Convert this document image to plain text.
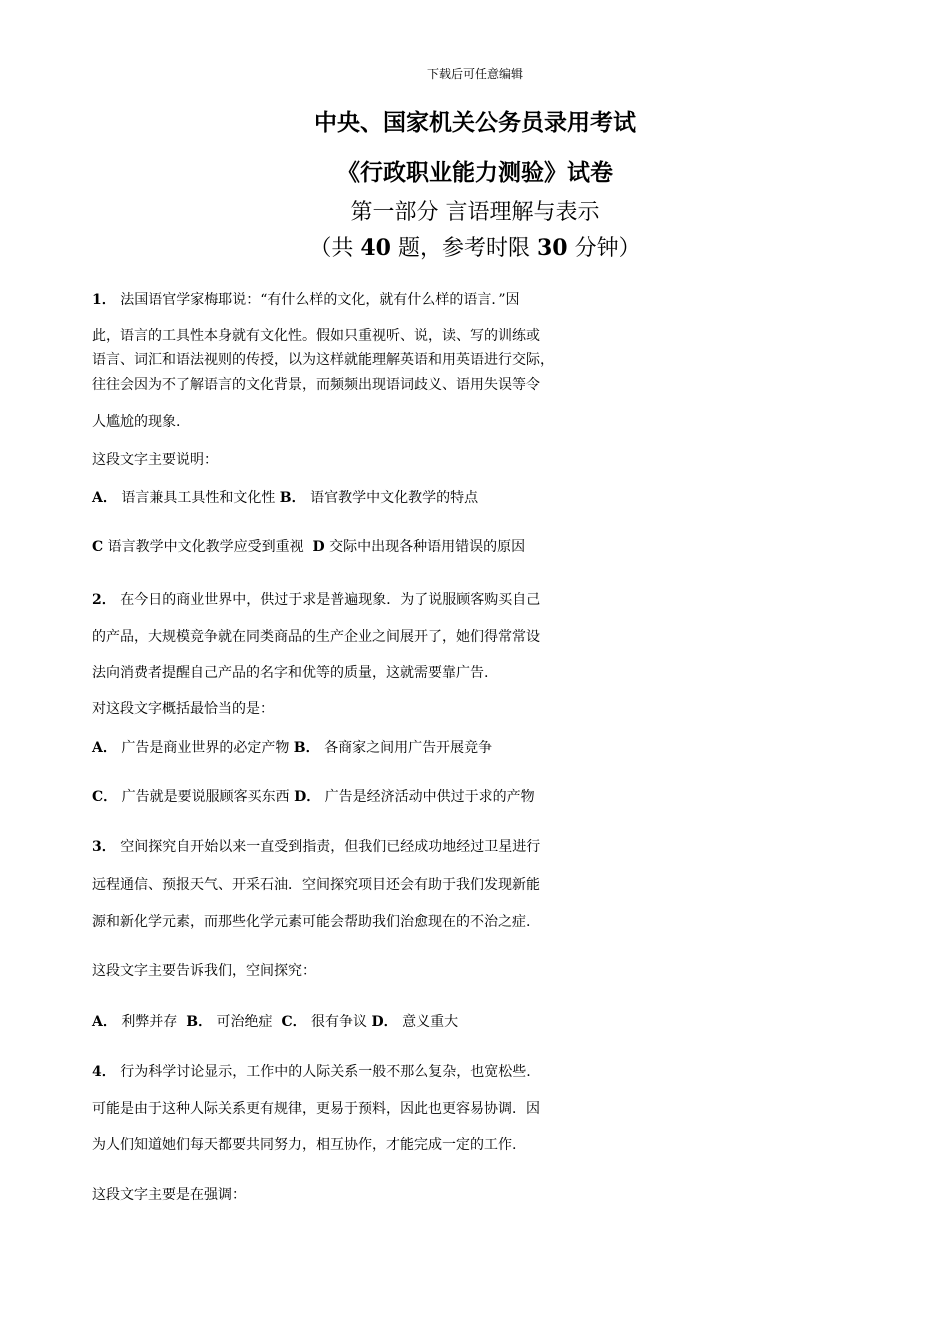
下载后可任意编辑
中央、国家机关公务员录用考试
《行政职业能力测验》试卷
第一部分 言语理解与表示
（共 40 题，参考时限 30 分钟）
1． 法国语官学家梅耶说：“有什么样的文化，就有什么样的语言．”因
此，语言的工具性本身就有文化性。假如只重视听、说，读、写的训练或
语言、词汇和语法视则的传授，以为这样就能理解英语和用英语进行交际，
往往会因为不了解语言的文化背景，而频频出现语词歧义、语用失误等令
人尴尬的现象.
这段文字主要说明：
A． 语言兼具工具性和文化性 B． 语官教学中文化教学的特点
C 语言教学中文化教学应受到重视 D 交际中出现各种语用错误的原因
2． 在今日的商业世界中，供过于求是普遍现象．为了说服顾客购买自己
的产品，大规模竞争就在同类商品的生产企业之间展开了，她们得常常设
法向消费者提醒自己产品的名字和优等的质量，这就需要靠广告.
对这段文字概括最恰当的是：
A． 广告是商业世界的必定产物 B． 各商家之间用广告开展竞争
C． 广告就是要说服顾客买东西 D． 广告是经济活动中供过于求的产物
3． 空间探究自开始以来一直受到指责，但我们已经成功地经过卫星进行
远程通信、预报天气、开采石油．空间探究项目还会有助于我们发现新能
源和新化学元素，而那些化学元素可能会帮助我们治愈现在的不治之症.
这段文字主要告诉我们，空间探究：
A． 利弊并存 B． 可治绝症 C． 很有争议 D． 意义重大
4． 行为科学讨论显示，工作中的人际关系一般不那么复杂，也宽松些.
可能是由于这种人际关系更有规律，更易于预料，因此也更容易协调．因
为人们知道她们每天都要共同努力，相互协作，才能完成一定的工作.
这段文字主要是在强调：
